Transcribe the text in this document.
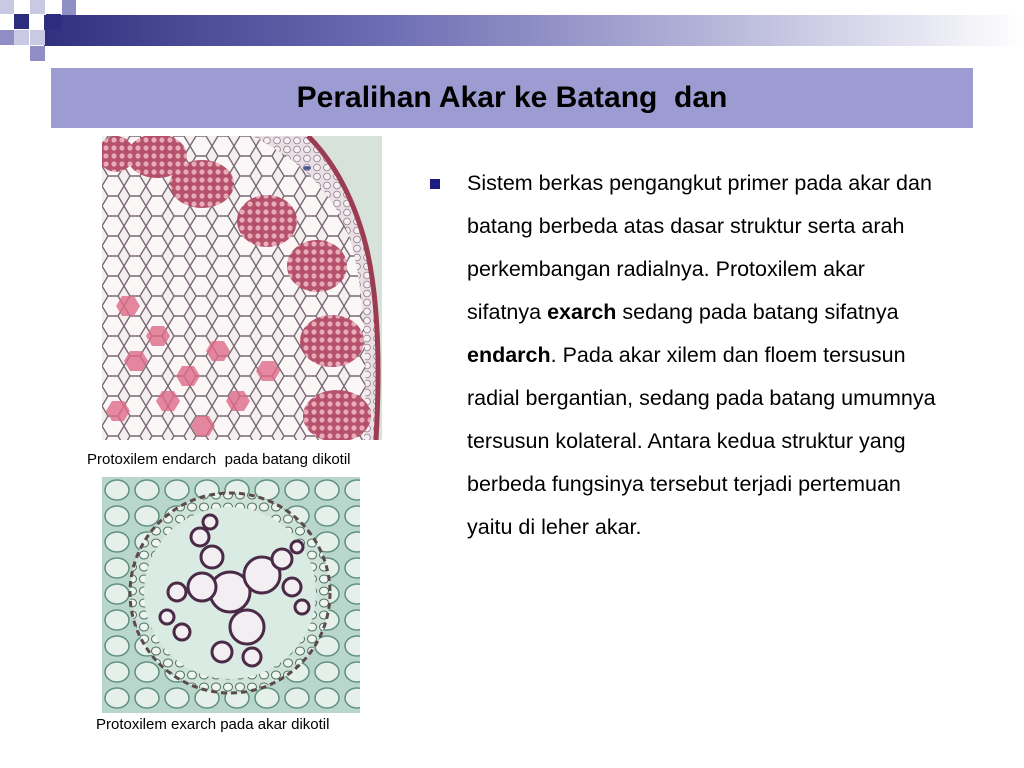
Peralihan Akar ke Batang  dan
Protoxilem endarch  pada batang dikotil
Protoxilem exarch pada akar dikotil
Sistem berkas pengangkut primer pada akar dan batang berbeda atas dasar struktur serta arah perkembangan radialnya. Protoxilem akar sifatnya exarch sedang pada batang sifatnya endarch. Pada akar xilem dan floem tersusun radial bergantian, sedang pada batang umumnya tersusun kolateral. Antara kedua struktur yang berbeda fungsinya tersebut terjadi pertemuan yaitu di leher akar.
